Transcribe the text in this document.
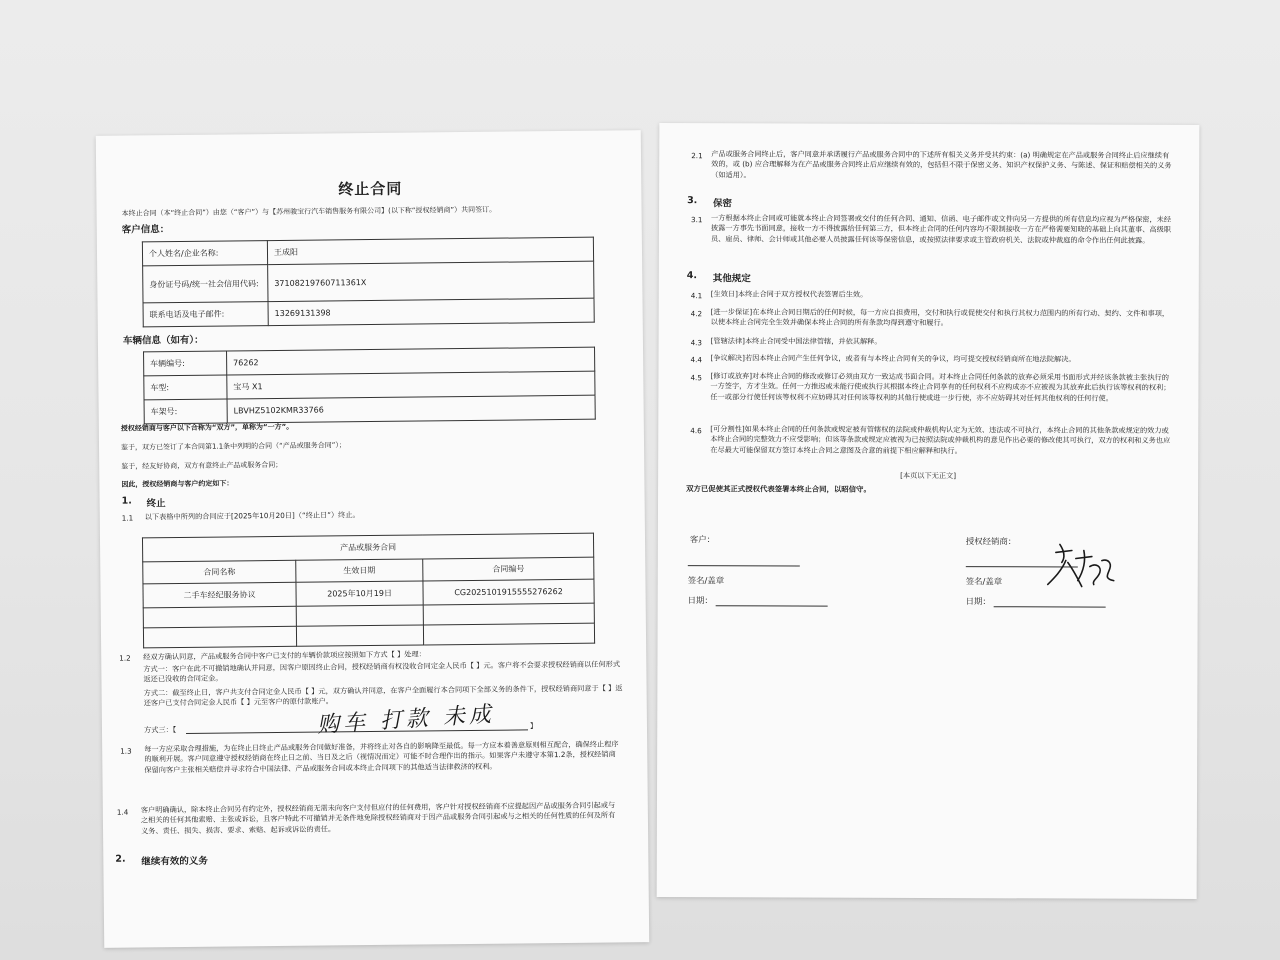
终止合同
本终止合同（本“终止合同”）由您（“客户”）与【苏州骏宝行汽车销售服务有限公司】(以下称“授权经销商”）共同签订。
客户信息：
个人姓名/企业名称:	王成阳
身份证号码/统一社会信用代码:	37108219760711361X
联系电话及电子邮件:	13269131398
车辆信息（如有）：
车辆编号:	76262
车型:	宝马 X1
车架号:	LBVHZ5102KMR33766
授权经销商与客户以下合称为“双方”，单称为“一方”。
鉴于，双方已签订了本合同第1.1条中列明的合同（“产品或服务合同”）；
鉴于，经友好协商，双方有意终止产品或服务合同；
因此，授权经销商与客户约定如下：
1. 终止
1.1 以下表格中所列的合同应于[2025年10月20日]（“终止日”）终止。
产品或服务合同		
合同名称	生效日期	合同编号
二手车经纪服务协议	2025年10月19日	CG20251019155552762​62

1.2 经双方确认同意，产品或服务合同中客户已支付的车辆价款项应按照如下方式【 】处理：
方式一：客户在此不可撤销地确认并同意，因客户原因终止合同，授权经销商有权没收合同定金人民币【 】元。客户将不会要求授权经销商以任何形式返还已没收的合同定金。
方式二：截至终止日，客户共支付合同定金人民币【 】元，双方确认并同意，在客户全面履行本合同项下全部义务的条件下，授权经销商同意于【 】返还客户已支付合同定金人民币【 】元至客户的原付款账户。
方式三：【	】
购车 打款 未成
1.3 每一方应采取合理措施，为在终止日终止产品或服务合同做好准备，并将终止对各自的影响降至最低。每一方应本着善意原则相互配合，确保终止程序的顺利开展。客户同意遵守授权经销商在终止日之前、当日及之后（视情况而定）可能不时合理作出的指示。如果客户未遵守本第1.2条，授权经销商保留向客户主张相关赔偿并寻求符合中国法律、产品或服务合同或本终止合同项下的其他适当法律救济的权利。
1.4 客户明确确认，除本终止合同另有约定外，授权经销商无需未向客户支付但应付的任何费用，客户针对授权经销商不应提起因产品或服务合同引起或与之相关的任何其他索赔、主张或诉讼，且客户特此不可撤销并无条件地免除授权经销商对于因产品或服务合同引起或与之相关的任何性质的任何及所有义务、责任、损失、损害、要求、索赔、起诉或诉讼的责任。
2. 继续有效的义务
2.1 产品或服务合同终止后，客户同意并承诺履行产品或服务合同中的下述所有相关义务并受其约束：(a) 明确规定在产品或服务合同终止后应继续有效的，或 (b) 应合理解释为在产品或服务合同终止后应继续有效的，包括但不限于保密义务、知识产权保护义务、与陈述、保证和赔偿相关的义务（如适用）。
3. 保密
3.1 一方根据本终止合同或可能就本终止合同签署或交付的任何合同、通知、信函、电子邮件或文件向另一方提供的所有信息均应视为严格保密，未经披露一方事先书面同意，接收一方不得披露给任何第三方，但本终止合同的任何内容均不限制接收一方在严格需要知晓的基础上向其董事、高级职员、雇员、律师、会计师或其他必要人员披露任何该等保密信息，或按照法律要求或主管政府机关、法院或仲裁庭的命令作出任何此披露。
4. 其他规定
4.1 [生效日]本终止合同于双方授权代表签署后生效。
4.2 [进一步保证]在本终止合同日期后的任何时候，每一方应自担费用，交付和执行或促使交付和执行其权力范围内的所有行动、契约、文件和事项，以使本终止合同完全生效并确保本终止合同的所有条款均得到遵守和履行。
4.3 [管辖法律]本终止合同受中国法律管辖，并依其解释。
4.4 [争议解决]若因本终止合同产生任何争议，或者有与本终止合同有关的争议，均可提交授权经销商所在地法院解决。
4.5 [修订或放弃]对本终止合同的修改或修订必须由双方一致达成书面合同。对本终止合同任何条款的放弃必须采用书面形式并经该条款被主张执行的一方签字，方才生效。任何一方推迟或未能行使或执行其根据本终止合同享有的任何权利不应构成亦不应被视为其放弃此后执行该等权利的权利；任一或部分行使任何该等权利不应妨碍其对任何该等权利的其他行使或进一步行使，亦不应妨碍其对任何其他权利的任何行使。
4.6 [可分割性]如果本终止合同的任何条款或规定被有管辖权的法院或仲裁机构认定为无效、违法或不可执行，本终止合同的其他条款或规定的效力或本终止合同的完整效力不应受影响；但该等条款或规定应被视为已按照法院或仲裁机构的意见作出必要的修改使其可执行，双方的权利和义务也应在尽最大可能保留双方签订本终止合同之意图及合意的前提下相应解释和执行。
[本页以下无正文]
双方已促使其正式授权代表签署本终止合同，以昭信守。
客户：
签名/盖章
日期：
授权经销商：
签名/盖章
日期：
